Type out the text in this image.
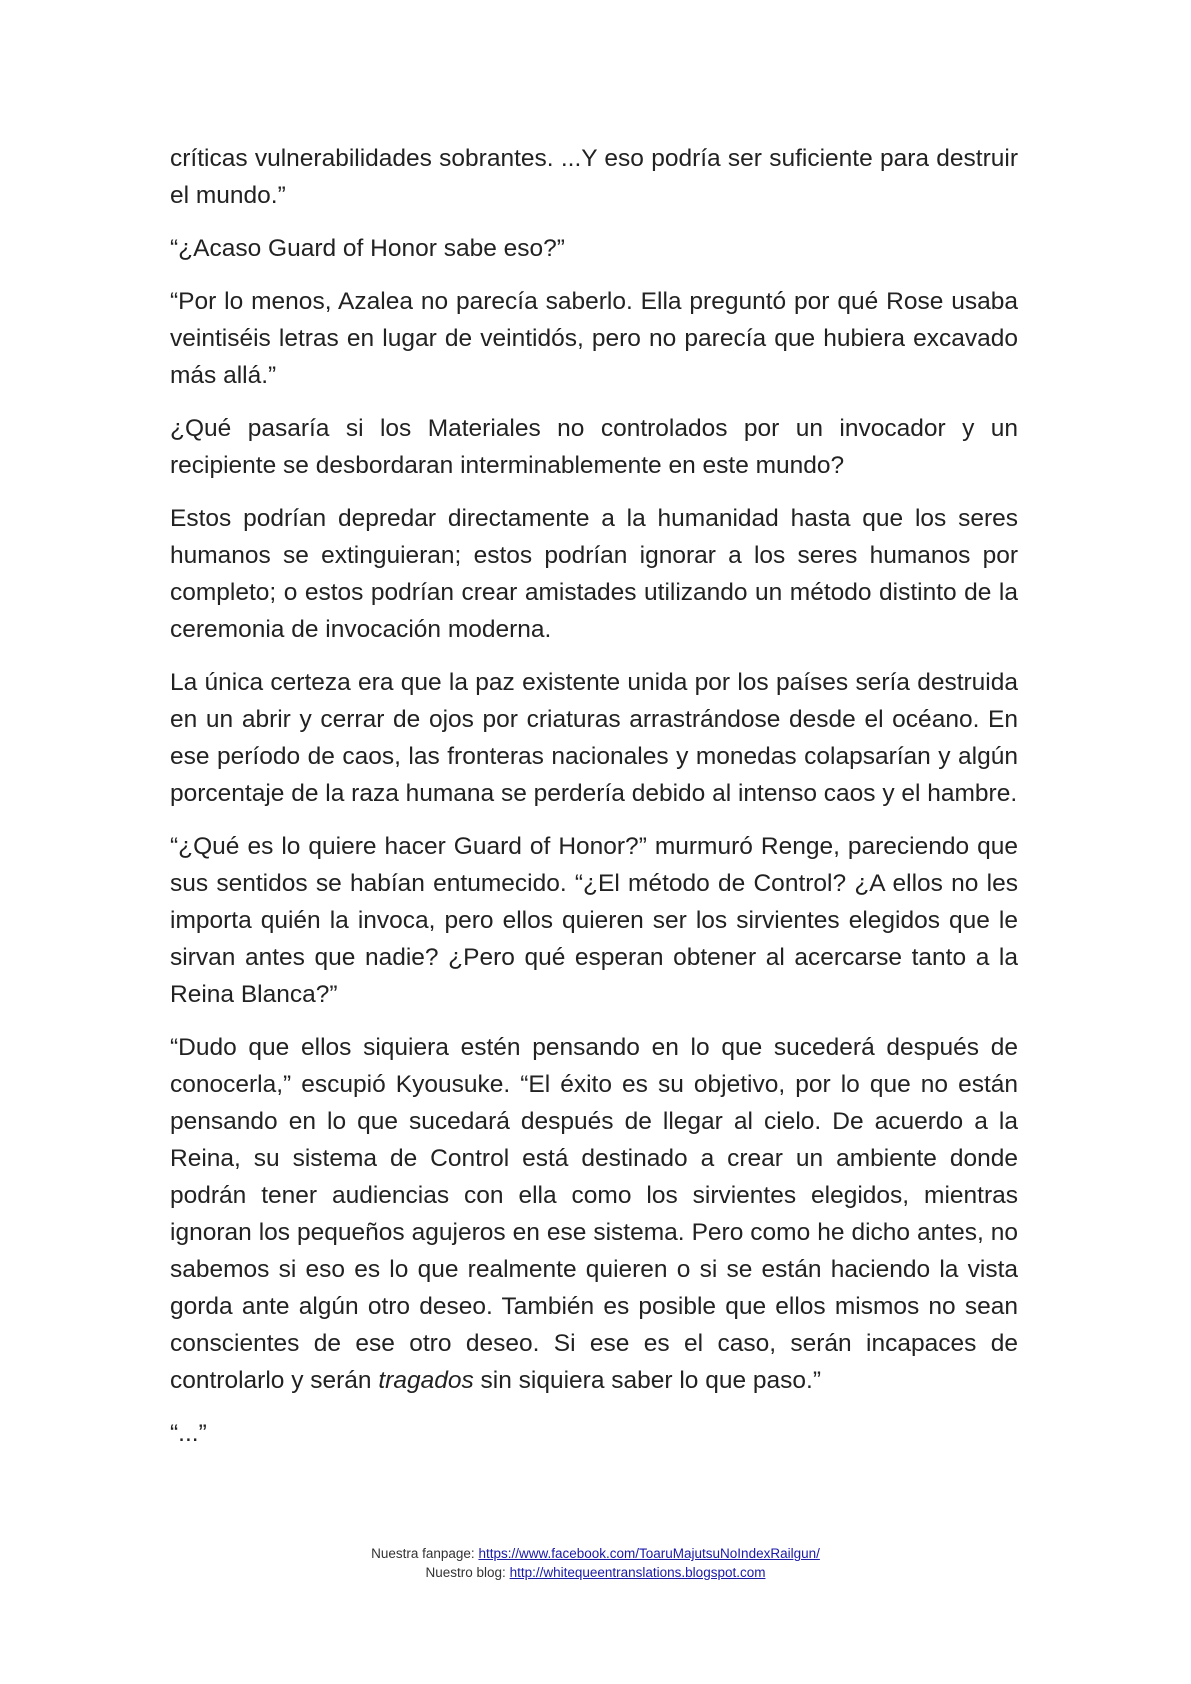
críticas vulnerabilidades sobrantes. ...Y eso podría ser suficiente para destruir el mundo.”

“¿Acaso Guard of Honor sabe eso?”

“Por lo menos, Azalea no parecía saberlo. Ella preguntó por qué Rose usaba veintiséis letras en lugar de veintidós, pero no parecía que hubiera excavado más allá.”

¿Qué pasaría si los Materiales no controlados por un invocador y un recipiente se desbordaran interminablemente en este mundo?

Estos podrían depredar directamente a la humanidad hasta que los seres humanos se extinguieran; estos podrían ignorar a los seres humanos por completo; o estos podrían crear amistades utilizando un método distinto de la ceremonia de invocación moderna.

La única certeza era que la paz existente unida por los países sería destruida en un abrir y cerrar de ojos por criaturas arrastrándose desde el océano. En ese período de caos, las fronteras nacionales y monedas colapsarían y algún porcentaje de la raza humana se perdería debido al intenso caos y el hambre.

“¿Qué es lo quiere hacer Guard of Honor?” murmuró Renge, pareciendo que sus sentidos se habían entumecido. “¿El método de Control? ¿A ellos no les importa quién la invoca, pero ellos quieren ser los sirvientes elegidos que le sirvan antes que nadie? ¿Pero qué esperan obtener al acercarse tanto a la Reina Blanca?”

“Dudo que ellos siquiera estén pensando en lo que sucederá después de conocerla,” escupió Kyousuke. “El éxito es su objetivo, por lo que no están pensando en lo que sucedará después de llegar al cielo. De acuerdo a la Reina, su sistema de Control está destinado a crear un ambiente donde podrán tener audiencias con ella como los sirvientes elegidos, mientras ignoran los pequeños agujeros en ese sistema. Pero como he dicho antes, no sabemos si eso es lo que realmente quieren o si se están haciendo la vista gorda ante algún otro deseo. También es posible que ellos mismos no sean conscientes de ese otro deseo. Si ese es el caso, serán incapaces de controlarlo y serán tragados sin siquiera saber lo que paso.”

“...”

Nuestra fanpage: https://www.facebook.com/ToaruMajutsuNoIndexRailgun/
Nuestro blog: http://whitequeentranslations.blogspot.com
